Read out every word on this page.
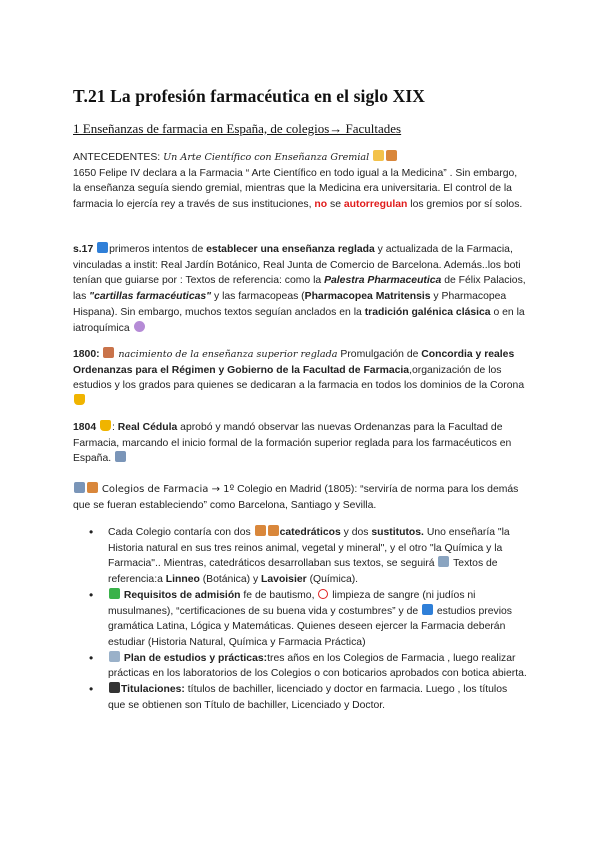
T.21 La profesión farmacéutica en el siglo XIX
1 Enseñanzas de farmacia en España, de colegios→ Facultades
ANTECEDENTES: Un Arte Científico con Enseñanza Gremial
1650 Felipe IV declara a la Farmacia “ Arte Científico en todo igual a la Medicina” . Sin embargo, la enseñanza seguía siendo gremial, mientras que la Medicina era universitaria. El control de la farmacia lo ejercía rey a través de sus instituciones, no se autorregulan los gremios por sí solos.
s.17 primeros intentos de establecer una enseñanza reglada y actualizada de la Farmacia, vinculadas a instit: Real Jardín Botánico, Real Junta de Comercio de Barcelona. Además..los boti tenían que guiarse por : Textos de referencia: como la Palestra Pharmaceutica de Félix Palacios, las "cartillas farmacéuticas" y las farmacopeas (Pharmacopea Matritensis y Pharmacopea Hispana). Sin embargo, muchos textos seguían anclados en la tradición galénica clásica o en la iatroquímica
1800: nacimiento de la enseñanza superior reglada Promulgación de Concordia y reales Ordenanzas para el Régimen y Gobierno de la Facultad de Farmacia,organización de los estudios y los grados para quienes se dedicaran a la farmacia en todos los dominios de la Corona
1804 : Real Cédula aprobó y mandó observar las nuevas Ordenanzas para la Facultad de Farmacia, marcando el inicio formal de la formación superior reglada para los farmacéuticos en España.
Colegios de Farmacia → 1º Colegio en Madrid (1805): “serviría de norma para los demás que se fueran estableciendo” como Barcelona, Santiago y Sevilla.
• Cada Colegio contaría con dos	catedráticos y dos sustitutos. Uno enseñaría "la Historia natural en sus tres reinos animal, vegetal y mineral", y el otro "la Química y la Farmacia".. Mientras, catedráticos desarrollaban sus textos, se seguirá  Textos de referencia:a Linneo (Botánica) y Lavoisier (Química).
• Requisitos de admisión fe de bautismo,  limpieza de sangre (ni judíos ni musulmanes), “certificaciones de su buena vida y costumbres” y de  estudios previos gramática Latina, Lógica y Matemáticas. Quienes deseen ejercer la Farmacia deberán estudiar (Historia Natural, Química y Farmacia Práctica)
• Plan de estudios y prácticas:tres años en los Colegios de Farmacia , luego realizar prácticas en los laboratorios de los Colegios o con boticarios aprobados con botica abierta.
• Titulaciones: títulos de bachiller, licenciado y doctor en farmacia. Luego , los títulos que se obtienen son Título de bachiller, Licenciado y Doctor.
